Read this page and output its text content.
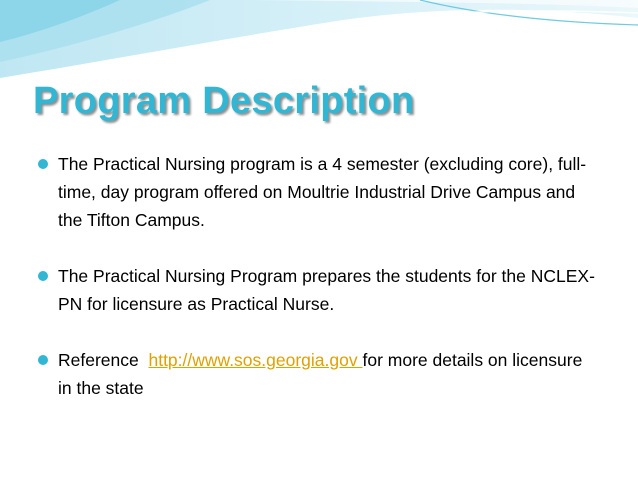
Program Description
The Practical Nursing program is a 4 semester (excluding core), full-time, day program offered on Moultrie Industrial Drive Campus and the Tifton Campus.
The Practical Nursing Program prepares the students for the NCLEX-PN for licensure as Practical Nurse.
Reference  http://www.sos.georgia.gov for more details on licensure in the state
